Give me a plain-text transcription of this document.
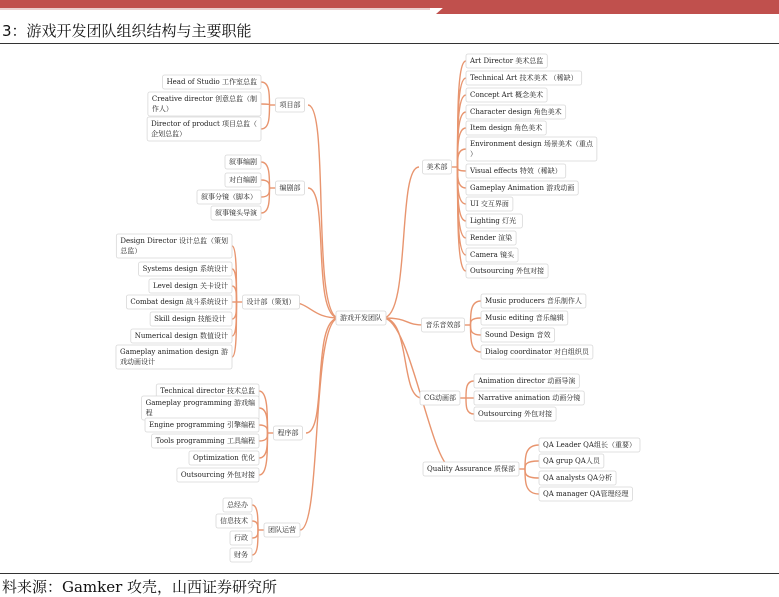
3：游戏开发团队组织结构与主要职能
游戏开发团队
项目部
Head of Studio 工作室总监
Creative director 创意总监（制作人）
Director of product 项目总监（企划总监）
编剧部
叙事编剧
对白编剧
叙事分镜（脚本）
叙事镜头导演
设计部（策划）
Design Director 设计总监（策划总监）
Systems design 系统设计
Level design 关卡设计
Combat design 战斗系统设计
Skill design 技能设计
Numerical design 数值设计
Gameplay animation design 游戏动画设计
程序部
Technical director 技术总监
Gameplay programming 游戏编程
Engine programming 引擎编程
Tools programming 工具编程
Optimization 优化
Outsourcing 外包对接
团队运营
总经办
信息技术
行政
财务
美术部
Art Director 美术总监
Technical Art 技术美术 （稀缺）
Concept Art 概念美术
Character design 角色美术
Item design 角色美术
Environment design 场景美术（重点）
Visual effects 特效（稀缺）
Gameplay Animation 游戏动画
UI 交互界面
Lighting 灯光
Render 渲染
Camera 镜头
Outsourcing 外包对接
音乐音效部
Music producers 音乐制作人
Music editing 音乐编辑
Sound Design 音效
Dialog coordinator 对白组织员
CG动画部
Animation director 动画导演
Narrative animation 动画分镜
Outsourcing 外包对接
Quality Assurance 质保部
QA Leader QA组长（重要）
QA grup QA人员
QA analysts QA分析
QA manager QA管理经理
料来源：Gamker 攻壳，山西证券研究所
